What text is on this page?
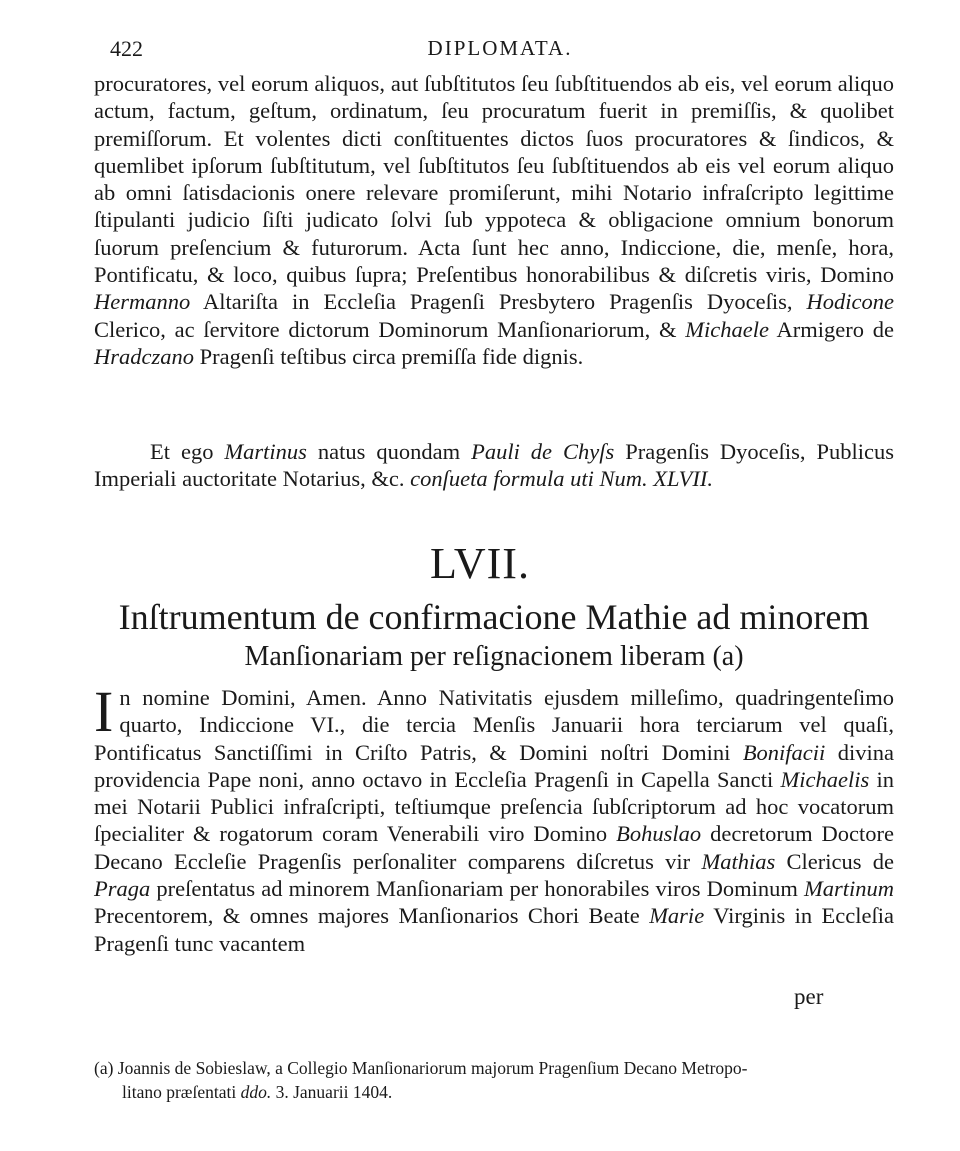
422	DIPLOMATA.

procuratores, vel eorum aliquos, aut ſubſtitutos ſeu ſubſtituendos ab eis, vel eorum aliquo actum, factum, geſtum, ordinatum, ſeu procuratum fuerit in premiſſis, & quolibet premiſſorum. Et volentes dicti conſtituentes dictos ſuos procuratores & ſindicos, & quemlibet ipſorum ſubſtitutum, vel ſubſtitutos ſeu ſubſtituendos ab eis vel eorum aliquo ab omni ſatisdacionis onere relevare promiſerunt, mihi Notario infraſcripto legittime ſtipulanti judicio ſiſti judicato ſolvi ſub yppoteca & obligacione omnium bonorum ſuorum preſencium & futurorum. Acta ſunt hec anno, Indiccione, die, menſe, hora, Pontificatu, & loco, quibus ſupra; Preſentibus honorabilibus & diſcretis viris, Domino Hermanno Altariſta in Eccleſia Pragenſi Presbytero Pragenſis Dyoceſis, Hodicone Clerico, ac ſervitore dictorum Dominorum Manſionariorum, & Michaele Armigero de Hradczano Pragenſi teſtibus circa premiſſa fide dignis.

Et ego Martinus natus quondam Pauli de Chyſs Pragenſis Dyoceſis, Publicus Imperiali auctoritate Notarius, &c. conſueta formula uti Num. XLVII.

LVII.
Inſtrumentum de confirmacione Mathie ad minorem
Manſionariam per reſignacionem liberam (a)

I n nomine Domini, Amen. Anno Nativitatis ejusdem milleſimo, quadringenteſimo quarto, Indiccione VI., die tercia Menſis Januarii hora terciarum vel quaſi, Pontificatus Sanctiſſimi in Criſto Patris, & Domini noſtri Domini Bonifacii divina providencia Pape noni, anno octavo in Eccleſia Pragenſi in Capella Sancti Michaelis in mei Notarii Publici infraſcripti, teſtiumque preſencia ſubſcriptorum ad hoc vocatorum ſpecialiter & rogatorum coram Venerabili viro Domino Bohuslao decretorum Doctore Decano Eccleſie Pragenſis perſonaliter comparens diſcretus vir Mathias Clericus de Praga preſentatus ad minorem Manſionariam per honorabiles viros Dominum Martinum Precentorem, & omnes majores Manſionarios Chori Beate Marie Virginis in Eccleſia Pragenſi tunc vacantem

per

(a) Joannis de Sobieslaw, a Collegio Manſionariorum majorum Pragenſium Decano Metropo-

litano præſentati ddo. 3. Januarii 1404.
